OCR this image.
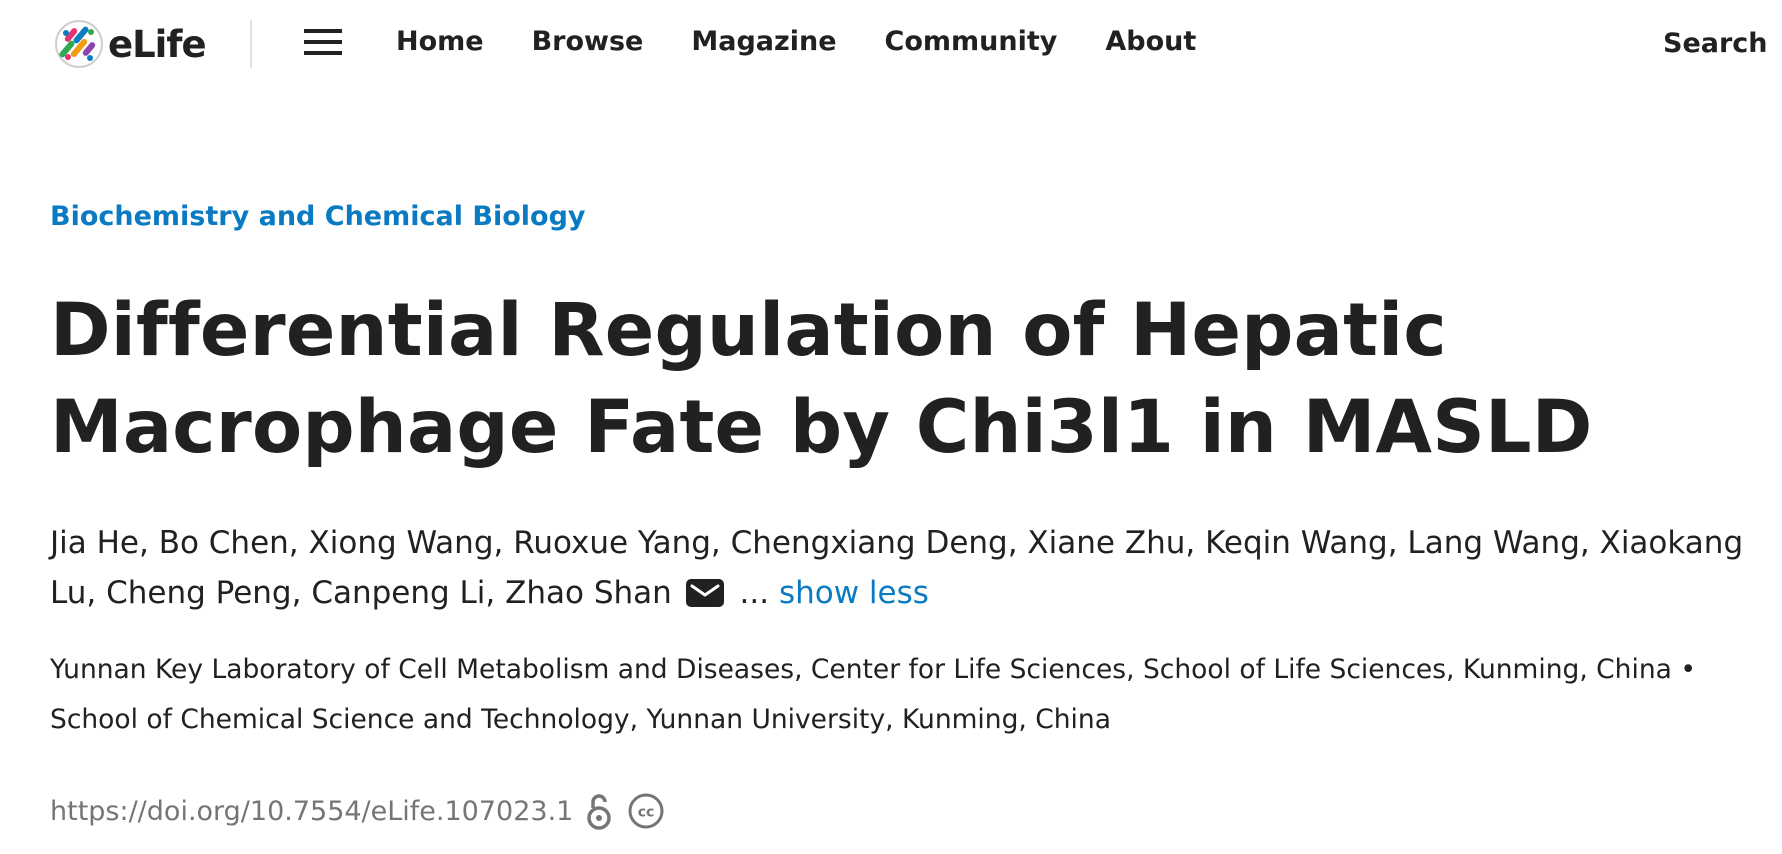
eLife	Home Browse Magazine Community About	Search
Biochemistry and Chemical Biology
Differential Regulation of Hepatic Macrophage Fate by Chi3l1 in MASLD
Jia He, Bo Chen, Xiong Wang, Ruoxue Yang, Chengxiang Deng, Xiane Zhu, Keqin Wang, Lang Wang, Xiaokang Lu, Cheng Peng, Canpeng Li, Zhao Shan ... show less
Yunnan Key Laboratory of Cell Metabolism and Diseases, Center for Life Sciences, School of Life Sciences, Kunming, China • School of Chemical Science and Technology, Yunnan University, Kunming, China
https://doi.org/10.7554/eLife.107023.1	cc
